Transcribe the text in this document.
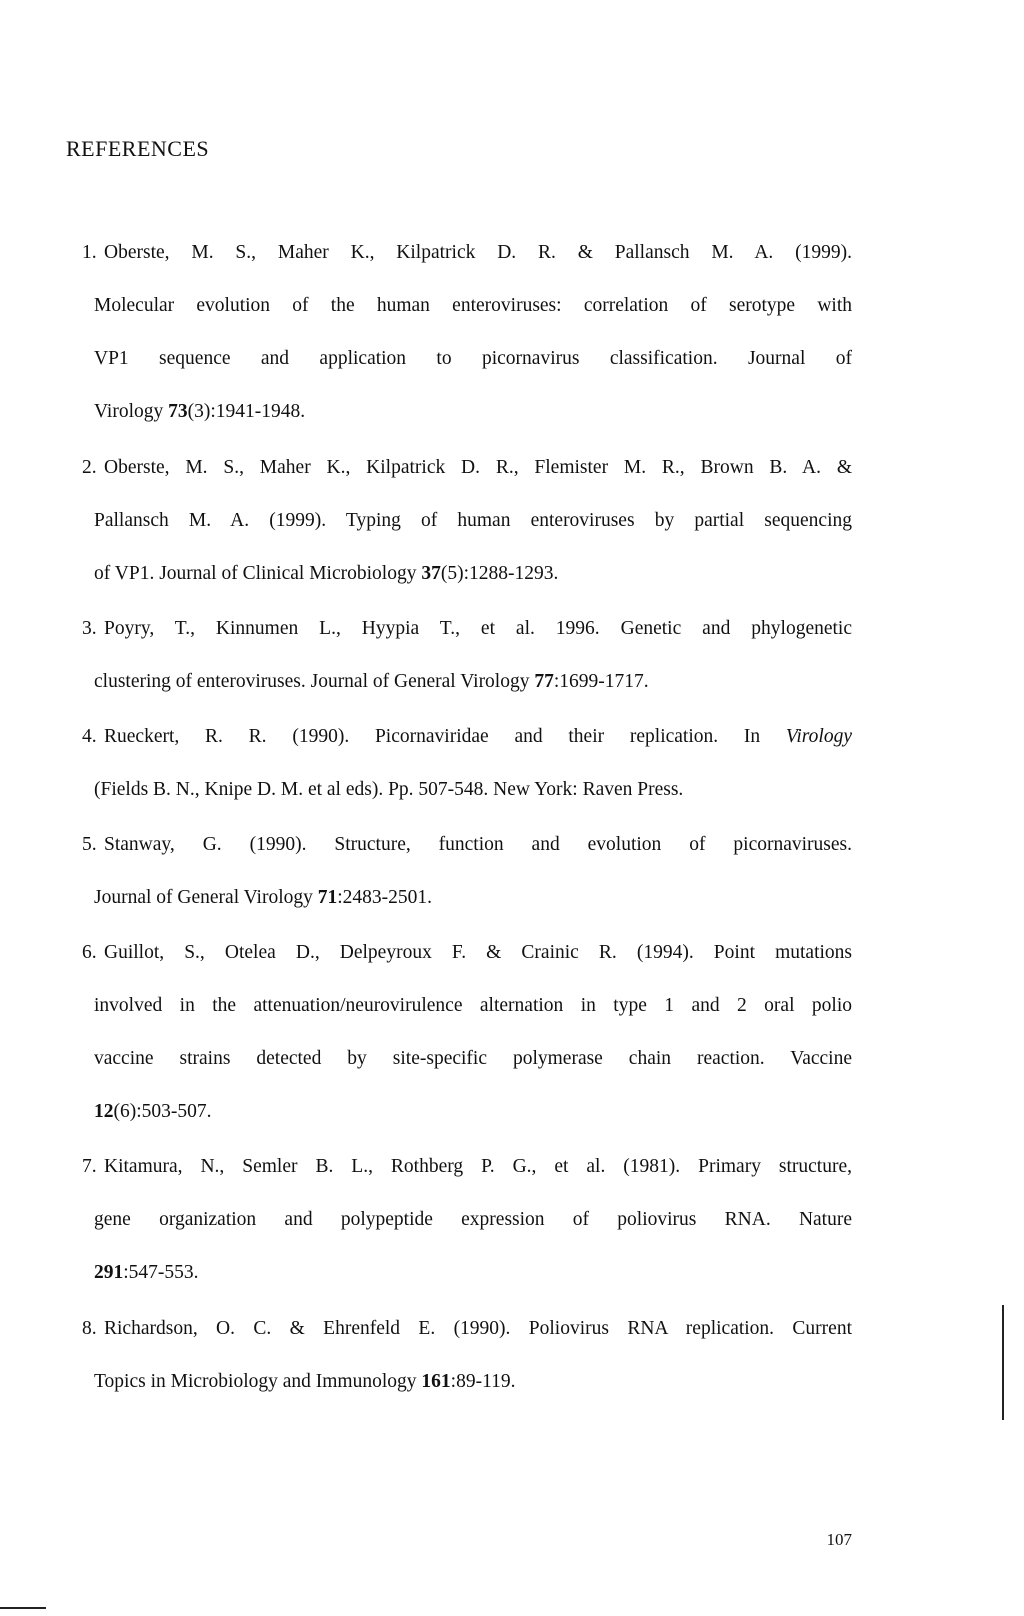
REFERENCES
1. Oberste, M. S., Maher K., Kilpatrick D. R. & Pallansch M. A. (1999).
Molecular evolution of the human enteroviruses: correlation of serotype with
VP1 sequence and application to picornavirus classification. Journal of
Virology 73(3):1941-1948.
2. Oberste, M. S., Maher K., Kilpatrick D. R., Flemister M. R., Brown B. A. &
Pallansch M. A. (1999). Typing of human enteroviruses by partial sequencing
of VP1. Journal of Clinical Microbiology 37(5):1288-1293.
3. Poyry, T., Kinnumen L., Hyypia T., et al. 1996. Genetic and phylogenetic
clustering of enteroviruses. Journal of General Virology 77:1699-1717.
4. Rueckert, R. R. (1990). Picornaviridae and their replication. In Virology
(Fields B. N., Knipe D. M. et al eds). Pp. 507-548. New York: Raven Press.
5. Stanway, G. (1990). Structure, function and evolution of picornaviruses.
Journal of General Virology 71:2483-2501.
6. Guillot, S., Otelea D., Delpeyroux F. & Crainic R. (1994). Point mutations
involved in the attenuation/neurovirulence alternation in type 1 and 2 oral polio
vaccine strains detected by site-specific polymerase chain reaction. Vaccine
12(6):503-507.
7. Kitamura, N., Semler B. L., Rothberg P. G., et al. (1981). Primary structure,
gene organization and polypeptide expression of poliovirus RNA. Nature
291:547-553.
8. Richardson, O. C. & Ehrenfeld E. (1990). Poliovirus RNA replication. Current
Topics in Microbiology and Immunology 161:89-119.
107
